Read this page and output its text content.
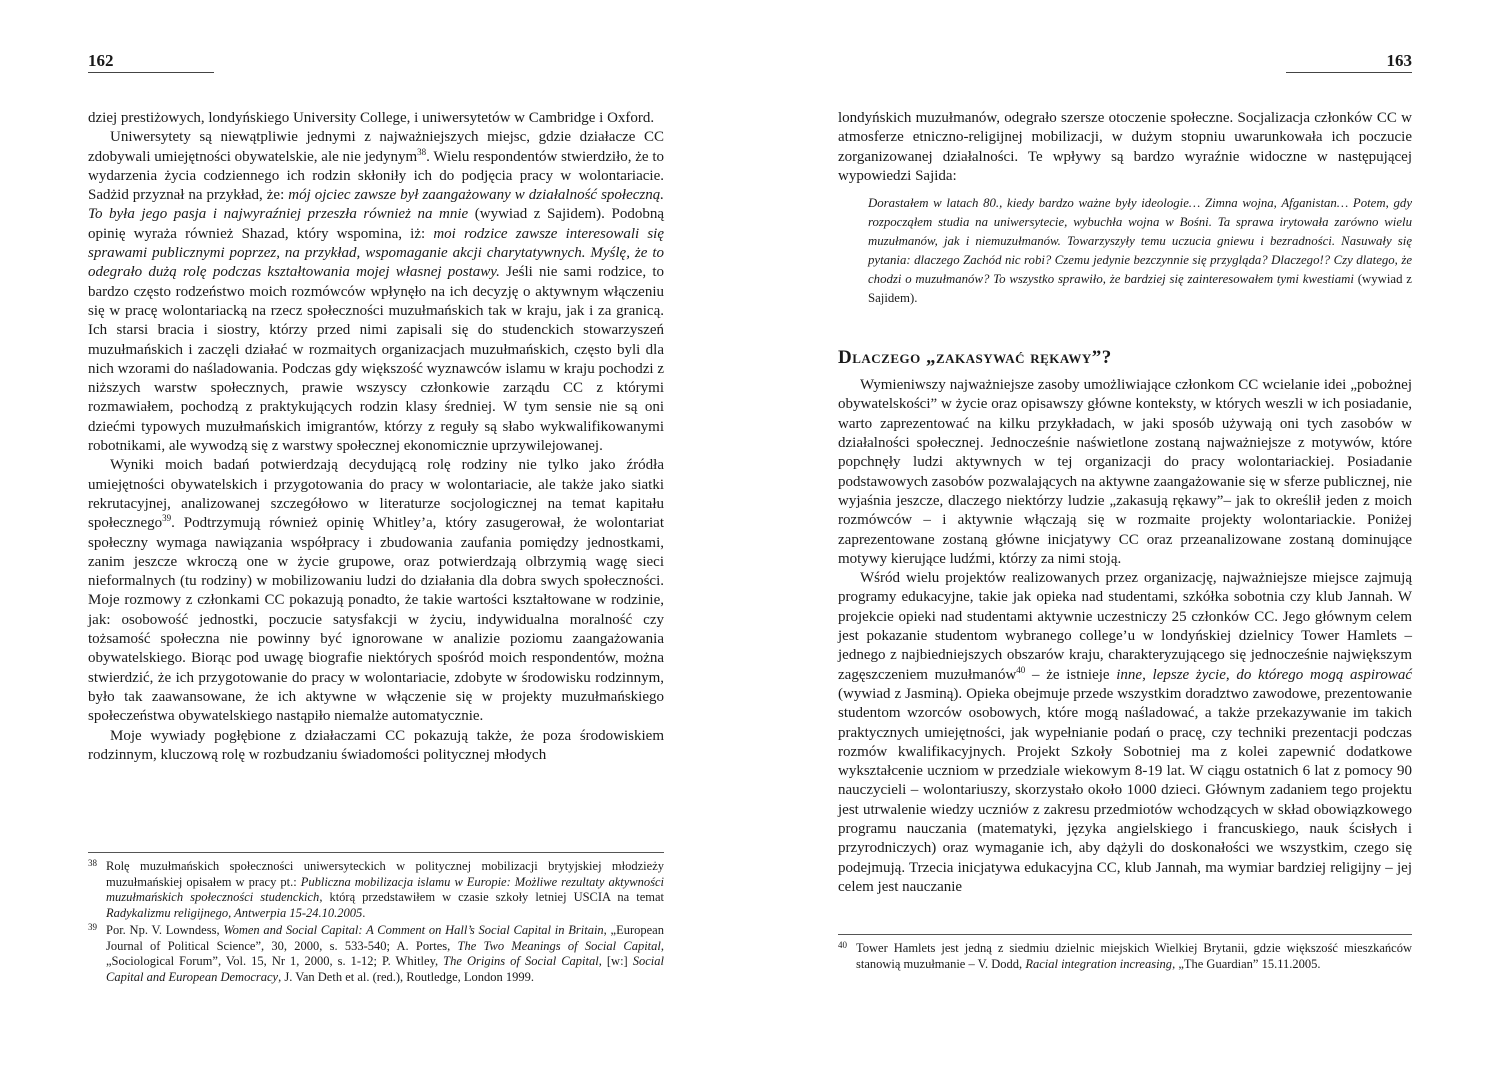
162

dziej prestiżowych, londyńskiego University College, i uniwersytetów w Cambridge i Oxford.

Uniwersytety są niewątpliwie jednymi z najważniejszych miejsc, gdzie działacze CC zdobywali umiejętności obywatelskie, ale nie jedynym$^{38}$. Wielu respondentów stwierdziło, że to wydarzenia życia codziennego ich rodzin skłoniły ich do podjęcia pracy w wolontariacie. Sadżid przyznał na przykład, że: mój ojciec zawsze był zaangażowany w działalność społeczną. To była jego pasja i najwyraźniej przeszła również na mnie (wywiad z Sajidem). Podobną opinię wyraża również Shazad, który wspomina, iż: moi rodzice zawsze interesowali się sprawami publicznymi poprzez, na przykład, wspomaganie akcji charytatywnych. Myślę, że to odegrało dużą rolę podczas kształtowania mojej własnej postawy. Jeśli nie sami rodzice, to bardzo często rodzeństwo moich rozmówców wpłynęło na ich decyzję o aktywnym włączeniu się w pracę wolontariacką na rzecz społeczności muzułmańskich tak w kraju, jak i za granicą. Ich starsi bracia i siostry, którzy przed nimi zapisali się do studenckich stowarzyszeń muzułmańskich i zaczęli działać w rozmaitych organizacjach muzułmańskich, często byli dla nich wzorami do naśladowania. Podczas gdy większość wyznawców islamu w kraju pochodzi z niższych warstw społecznych, prawie wszyscy członkowie zarządu CC z którymi rozmawiałem, pochodzą z praktykujących rodzin klasy średniej. W tym sensie nie są oni dziećmi typowych muzułmańskich imigrantów, którzy z reguły są słabo wykwalifikowanymi robotnikami, ale wywodzą się z warstwy społecznej ekonomicznie uprzywilejowanej.

Wyniki moich badań potwierdzają decydującą rolę rodziny nie tylko jako źródła umiejętności obywatelskich i przygotowania do pracy w wolontariacie, ale także jako siatki rekrutacyjnej, analizowanej szczegółowo w literaturze socjologicznej na temat kapitału społecznego$^{39}$. Podtrzymują również opinię Whitley’a, który zasugerował, że wolontariat społeczny wymaga nawiązania współpracy i zbudowania zaufania pomiędzy jednostkami, zanim jeszcze wkroczą one w życie grupowe, oraz potwierdzają olbrzymią wagę sieci nieformalnych (tu rodziny) w mobilizowaniu ludzi do działania dla dobra swych społeczności. Moje rozmowy z członkami CC pokazują ponadto, że takie wartości kształtowane w rodzinie, jak: osobowość jednostki, poczucie satysfakcji w życiu, indywidualna moralność czy tożsamość społeczna nie powinny być ignorowane w analizie poziomu zaangażowania obywatelskiego. Biorąc pod uwagę biografie niektórych spośród moich respondentów, można stwierdzić, że ich przygotowanie do pracy w wolontariacie, zdobyte w środowisku rodzinnym, było tak zaawansowane, że ich aktywne w włączenie się w projekty muzułmańskiego społeczeństwa obywatelskiego nastąpiło niemalże automatycznie.

Moje wywiady pogłębione z działaczami CC pokazują także, że poza środowiskiem rodzinnym, kluczową rolę w rozbudzaniu świadomości politycznej młodych

38 Rolę muzułmańskich społeczności uniwersyteckich w politycznej mobilizacji brytyjskiej młodzieży muzułmańskiej opisałem w pracy pt.: Publiczna mobilizacja islamu w Europie: Możliwe rezultaty aktywności muzułmańskich społeczności studenckich, którą przedstawiłem w czasie szkoły letniej USCIA na temat Radykalizmu religijnego, Antwerpia 15-24.10.2005.
39 Por. Np. V. Lowndess, Women and Social Capital: A Comment on Hall’s Social Capital in Britain, „European Journal of Political Science”, 30, 2000, s. 533-540; A. Portes, The Two Meanings of Social Capital, „Sociological Forum”, Vol. 15, Nr 1, 2000, s. 1-12; P. Whitley, The Origins of Social Capital, [w:] Social Capital and European Democracy, J. Van Deth et al. (red.), Routledge, London 1999.
163

londyńskich muzułmanów, odegrało szersze otoczenie społeczne. Socjalizacja członków CC w atmosferze etniczno-religijnej mobilizacji, w dużym stopniu uwarunkowała ich poczucie zorganizowanej działalności. Te wpływy są bardzo wyraźnie widoczne w następującej wypowiedzi Sajida:

Dorastałem w latach 80., kiedy bardzo ważne były ideologie… Zimna wojna, Afganistan… Potem, gdy rozpocząłem studia na uniwersytecie, wybuchła wojna w Bośni. Ta sprawa irytowała zarówno wielu muzułmanów, jak i niemuzułmanów. Towarzyszyły temu uczucia gniewu i bezradności. Nasuwały się pytania: dlaczego Zachód nic robi? Czemu jedynie bezczynnie się przygląda? Dlaczego!? Czy dlatego, że chodzi o muzułmanów? To wszystko sprawiło, że bardziej się zainteresowałem tymi kwestiami (wywiad z Sajidem).
Dlaczego „zakasywać rękawy”?

Wymieniwszy najważniejsze zasoby umożliwiające członkom CC wcielanie idei „pobożnej obywatelskości” w życie oraz opisawszy główne konteksty, w których weszli w ich posiadanie, warto zaprezentować na kilku przykładach, w jaki sposób używają oni tych zasobów w działalności społecznej. Jednocześnie naświetlone zostaną najważniejsze z motywów, które popchnęły ludzi aktywnych w tej organizacji do pracy wolontariackiej. Posiadanie podstawowych zasobów pozwalających na aktywne zaangażowanie się w sferze publicznej, nie wyjaśnia jeszcze, dlaczego niektórzy ludzie „zakasują rękawy”– jak to określił jeden z moich rozmówców – i aktywnie włączają się w rozmaite projekty wolontariackie. Poniżej zaprezentowane zostaną główne inicjatywy CC oraz przeanalizowane zostaną dominujące motywy kierujące ludźmi, którzy za nimi stoją.

Wśród wielu projektów realizowanych przez organizację, najważniejsze miejsce zajmują programy edukacyjne, takie jak opieka nad studentami, szkółka sobotnia czy klub Jannah. W projekcie opieki nad studentami aktywnie uczestniczy 25 członków CC. Jego głównym celem jest pokazanie studentom wybranego college’u w londyńskiej dzielnicy Tower Hamlets – jednego z najbiedniejszych obszarów kraju, charakteryzującego się jednocześnie największym zagęszczeniem muzułmanów$^{40}$ – że istnieje inne, lepsze życie, do którego mogą aspirować (wywiad z Jasminą). Opieka obejmuje przede wszystkim doradztwo zawodowe, prezentowanie studentom wzorców osobowych, które mogą naśladować, a także przekazywanie im takich praktycznych umiejętności, jak wypełnianie podań o pracę, czy techniki prezentacji podczas rozmów kwalifikacyjnych. Projekt Szkoły Sobotniej ma z kolei zapewnić dodatkowe wykształcenie uczniom w przedziale wiekowym 8-19 lat. W ciągu ostatnich 6 lat z pomocy 90 nauczycieli – wolontariuszy, skorzystało około 1000 dzieci. Głównym zadaniem tego projektu jest utrwalenie wiedzy uczniów z zakresu przedmiotów wchodzących w skład obowiązkowego programu nauczania (matematyki, języka angielskiego i francuskiego, nauk ścisłych i przyrodniczych) oraz wymaganie ich, aby dążyli do doskonałości we wszystkim, czego się podejmują. Trzecia inicjatywa edukacyjna CC, klub Jannah, ma wymiar bardziej religijny – jej celem jest nauczanie

40 Tower Hamlets jest jedną z siedmiu dzielnic miejskich Wielkiej Brytanii, gdzie większość mieszkańców stanowią muzułmanie – V. Dodd, Racial integration increasing, „The Guardian” 15.11.2005.
